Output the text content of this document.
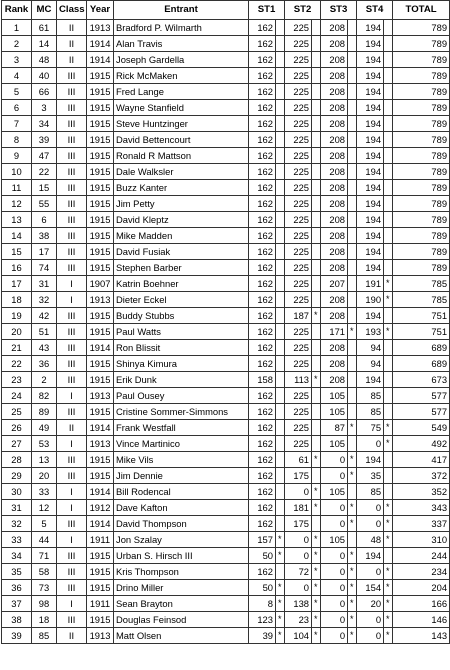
Rank	MC	Class	Year	Entrant	ST1		ST2		ST3		ST4		TOTAL
1	61	II	1913	Bradford P. Wilmarth	162		225		208		194		789
2	14	II	1914	Alan Travis	162		225		208		194		789
3	48	II	1914	Joseph Gardella	162		225		208		194		789
4	40	III	1915	Rick McMaken	162		225		208		194		789
5	66	III	1915	Fred Lange	162		225		208		194		789
6	3	III	1915	Wayne Stanfield	162		225		208		194		789
7	34	III	1915	Steve Huntzinger	162		225		208		194		789
8	39	III	1915	David Bettencourt	162		225		208		194		789
9	47	III	1915	Ronald R Mattson	162		225		208		194		789
10	22	III	1915	Dale Walksler	162		225		208		194		789
11	15	III	1915	Buzz Kanter	162		225		208		194		789
12	55	III	1915	Jim Petty	162		225		208		194		789
13	6	III	1915	David Kleptz	162		225		208		194		789
14	38	III	1915	Mike Madden	162		225		208		194		789
15	17	III	1915	David Fusiak	162		225		208		194		789
16	74	III	1915	Stephen Barber	162		225		208		194		789
17	31	I	1907	Katrin Boehner	162		225		207		191	*	785
18	32	I	1913	Dieter Eckel	162		225		208		190	*	785
19	42	III	1915	Buddy Stubbs	162		187	*	208		194		751
20	51	III	1915	Paul Watts	162		225		171	*	193	*	751
21	43	III	1914	Ron Blissit	162		225		208		94		689
22	36	III	1915	Shinya Kimura	162		225		208		94		689
23	2	III	1915	Erik Dunk	158		113	*	208		194		673
24	82	I	1913	Paul Ousey	162		225		105		85		577
25	89	III	1915	Cristine Sommer-Simmons	162		225		105		85		577
26	49	II	1914	Frank Westfall	162		225		87	*	75	*	549
27	53	I	1913	Vince Martinico	162		225		105		0	*	492
28	13	III	1915	Mike Vils	162		61	*	0	*	194		417
29	20	III	1915	Jim Dennie	162		175		0	*	35		372
30	33	I	1914	Bill Rodencal	162		0	*	105		85		352
31	12	I	1912	Dave Kafton	162		181	*	0	*	0	*	343
32	5	III	1914	David Thompson	162		175		0	*	0	*	337
33	44	I	1911	Jon Szalay	157	*	0	*	105		48	*	310
34	71	III	1915	Urban S. Hirsch III	50	*	0	*	0	*	194		244
35	58	III	1915	Kris Thompson	162		72	*	0	*	0	*	234
36	73	III	1915	Drino Miller	50	*	0	*	0	*	154	*	204
37	98	I	1911	Sean Brayton	8	*	138	*	0	*	20	*	166
38	18	III	1915	Douglas Feinsod	123	*	23	*	0	*	0	*	146
39	85	II	1913	Matt Olsen	39	*	104	*	0	*	0	*	143
